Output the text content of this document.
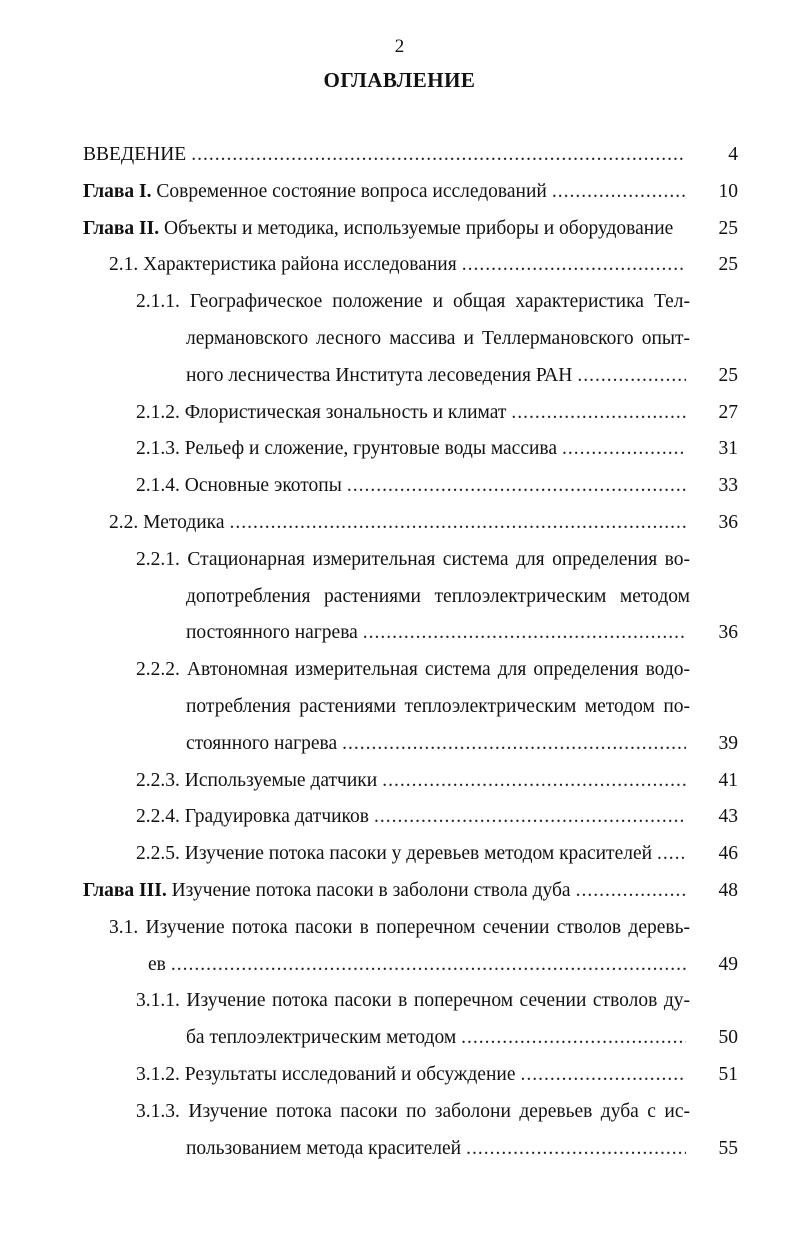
2
ОГЛАВЛЕНИЕ
ВВЕДЕНИЕ .....	4
Глава I. Современное состояние вопроса исследований .....	10
Глава II. Объекты и методика, используемые приборы и оборудование	25
2.1. Характеристика района исследования .....	25
2.1.1. Географическое положение и общая характеристика Тел-
лермановского лесного массива и Теллермановского опыт-
ного лесничества Института лесоведения РАН .....	25
2.1.2. Флористическая зональность и климат .....	27
2.1.3. Рельеф и сложение, грунтовые воды массива .....	31
2.1.4. Основные экотопы .....	33
2.2. Методика .....	36
2.2.1. Стационарная измерительная система для определения во-
допотребления растениями теплоэлектрическим методом
постоянного нагрева .....	36
2.2.2. Автономная измерительная система для определения водо-
потребления растениями теплоэлектрическим методом по-
стоянного нагрева .....	39
2.2.3. Используемые датчики .....	41
2.2.4. Градуировка датчиков .....	43
2.2.5. Изучение потока пасоки у деревьев методом красителей .....	46
Глава III. Изучение потока пасоки в заболони ствола дуба .....	48
3.1. Изучение потока пасоки в поперечном сечении стволов деревь-
ев .....	49
3.1.1. Изучение потока пасоки в поперечном сечении стволов ду-
ба теплоэлектрическим методом .....	50
3.1.2. Результаты исследований и обсуждение .....	51
3.1.3. Изучение потока пасоки по заболони деревьев дуба с ис-
пользованием метода красителей .....	55
